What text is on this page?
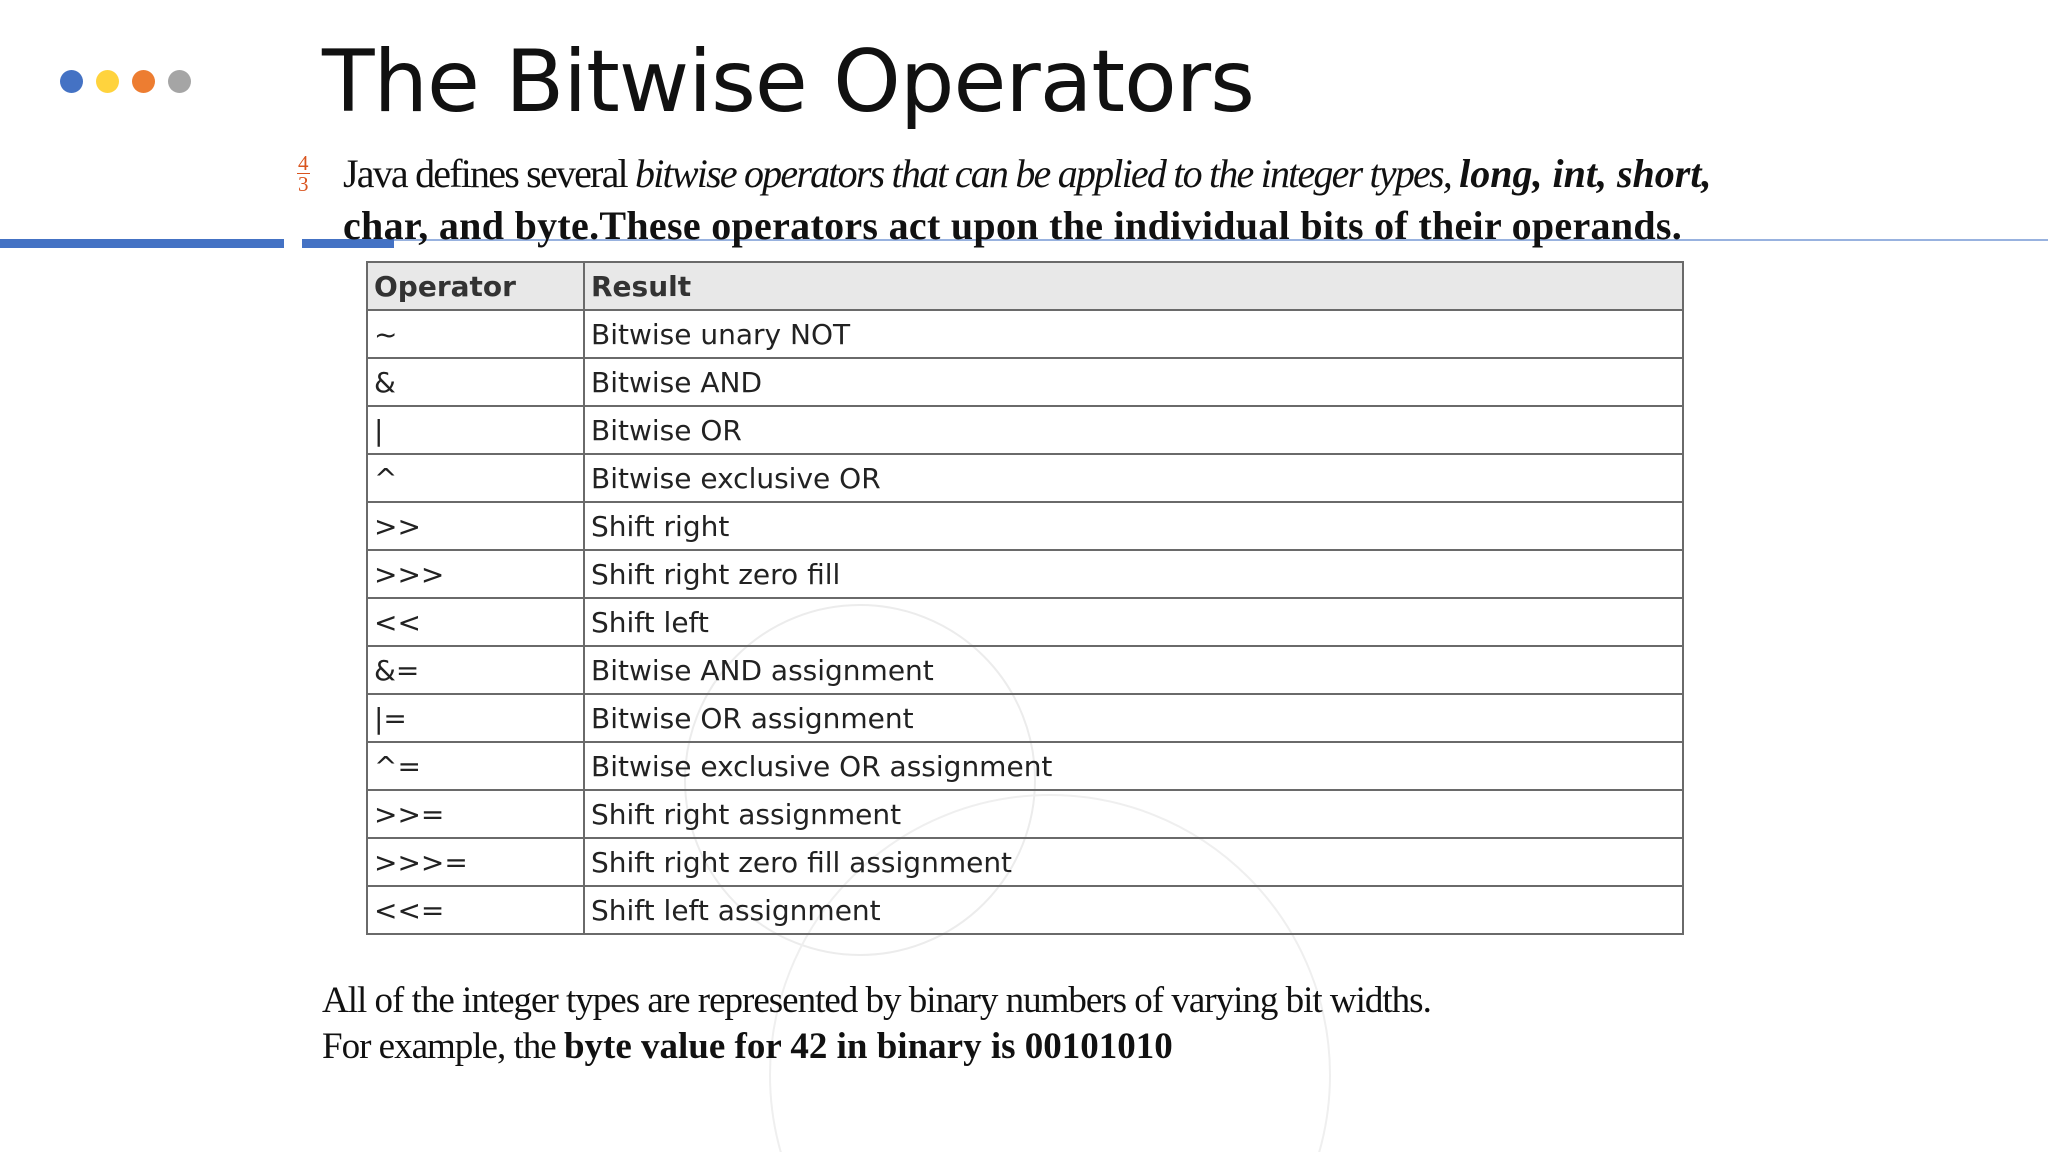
The Bitwise Operators
$\frac{4}{3}$ Java defines several bitwise operators that can be applied to the integer types, long, int, short,
char, and byte.These operators act upon the individual bits of their operands.
Operator	Result
~	Bitwise unary NOT
&	Bitwise AND
|	Bitwise OR
^	Bitwise exclusive OR
>>	Shift right
>>>	Shift right zero fill
<<	Shift left
&=	Bitwise AND assignment
|=	Bitwise OR assignment
^=	Bitwise exclusive OR assignment
>>=	Shift right assignment
>>>=	Shift right zero fill assignment
<<=	Shift left assignment
All of the integer types are represented by binary numbers of varying bit widths.
For example, the byte value for 42 in binary is 00101010
